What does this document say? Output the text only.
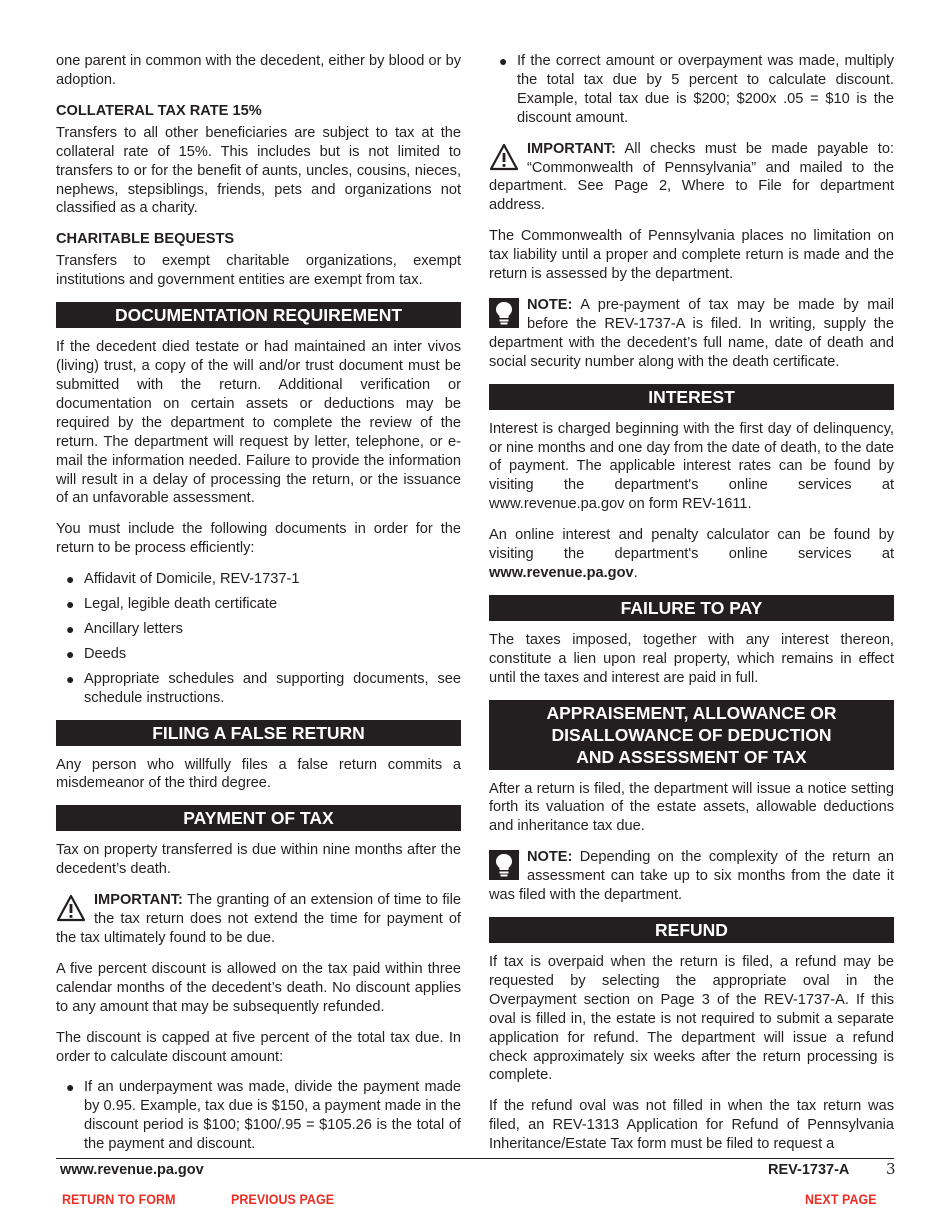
one parent in common with the decedent, either by blood or by adoption.

COLLATERAL TAX RATE 15%

Transfers to all other beneficiaries are subject to tax at the collateral rate of 15%. This includes but is not limited to transfers to or for the benefit of aunts, uncles, cousins, nieces, nephews, stepsiblings, friends, pets and organizations not classified as a charity.

CHARITABLE BEQUESTS

Transfers to exempt charitable organizations, exempt institutions and government entities are exempt from tax.

DOCUMENTATION REQUIREMENT

If the decedent died testate or had maintained an inter vivos (living) trust, a copy of the will and/or trust document must be submitted with the return. Additional verification or documentation on certain assets or deductions may be required by the department to complete the review of the return. The department will request by letter, telephone, or e-mail the information needed. Failure to provide the information will result in a delay of processing the return, or the issuance of an unfavorable assessment.

You must include the following documents in order for the return to be process efficiently:

● Affidavit of Domicile, REV-1737-1
● Legal, legible death certificate
● Ancillary letters
● Deeds
● Appropriate schedules and supporting documents, see schedule instructions.
FILING A FALSE RETURN

Any person who willfully files a false return commits a misdemeanor of the third degree.

PAYMENT OF TAX

Tax on property transferred is due within nine months after the decedent’s death.

IMPORTANT: The granting of an extension of time to file the tax return does not extend the time for payment of the tax ultimately found to be due.

A five percent discount is allowed on the tax paid within three calendar months of the decedent’s death. No discount applies to any amount that may be subsequently refunded.

The discount is capped at five percent of the total tax due. In order to calculate discount amount:

● If an underpayment was made, divide the payment made by 0.95. Example, tax due is $150, a payment made in the discount period is $100; $100/.95 = $105.26 is the total of the payment and discount.
● If the correct amount or overpayment was made, multiply the total tax due by 5 percent to calculate discount. Example, total tax due is $200; $200x .05 = $10 is the discount amount.

IMPORTANT: All checks must be made payable to: “Commonwealth of Pennsylvania” and mailed to the department. See Page 2, Where to File for department address.

The Commonwealth of Pennsylvania places no limitation on tax liability until a proper and complete return is made and the return is assessed by the department.

NOTE: A pre-payment of tax may be made by mail before the REV-1737-A is filed. In writing, supply the department with the decedent’s full name, date of death and social security number along with the death certificate.

INTEREST

Interest is charged beginning with the first day of delinquency, or nine months and one day from the date of death, to the date of payment. The applicable interest rates can be found by visiting the department's online services at www.revenue.pa.gov on form REV-1611.

An online interest and penalty calculator can be found by visiting the department's online services at www.revenue.pa.gov.

FAILURE TO PAY

The taxes imposed, together with any interest thereon, constitute a lien upon real property, which remains in effect until the taxes and interest are paid in full.

APPRAISEMENT, ALLOWANCE OR
DISALLOWANCE OF DEDUCTION
AND ASSESSMENT OF TAX

After a return is filed, the department will issue a notice setting forth its valuation of the estate assets, allowable deductions and inheritance tax due.

NOTE: Depending on the complexity of the return an assessment can take up to six months from the date it was filed with the department.

REFUND

If tax is overpaid when the return is filed, a refund may be requested by selecting the appropriate oval in the Overpayment section on Page 3 of the REV-1737-A. If this oval is filled in, the estate is not required to submit a separate application for refund. The department will issue a refund check approximately six weeks after the return processing is complete.

If the refund oval was not filled in when the tax return was filed, an REV-1313 Application for Refund of Pennsylvania Inheritance/Estate Tax form must be filed to request a

www.revenue.pa.gov	REV-1737-A 3
RETURN TO FORM	PREVIOUS PAGE	NEXT PAGE
